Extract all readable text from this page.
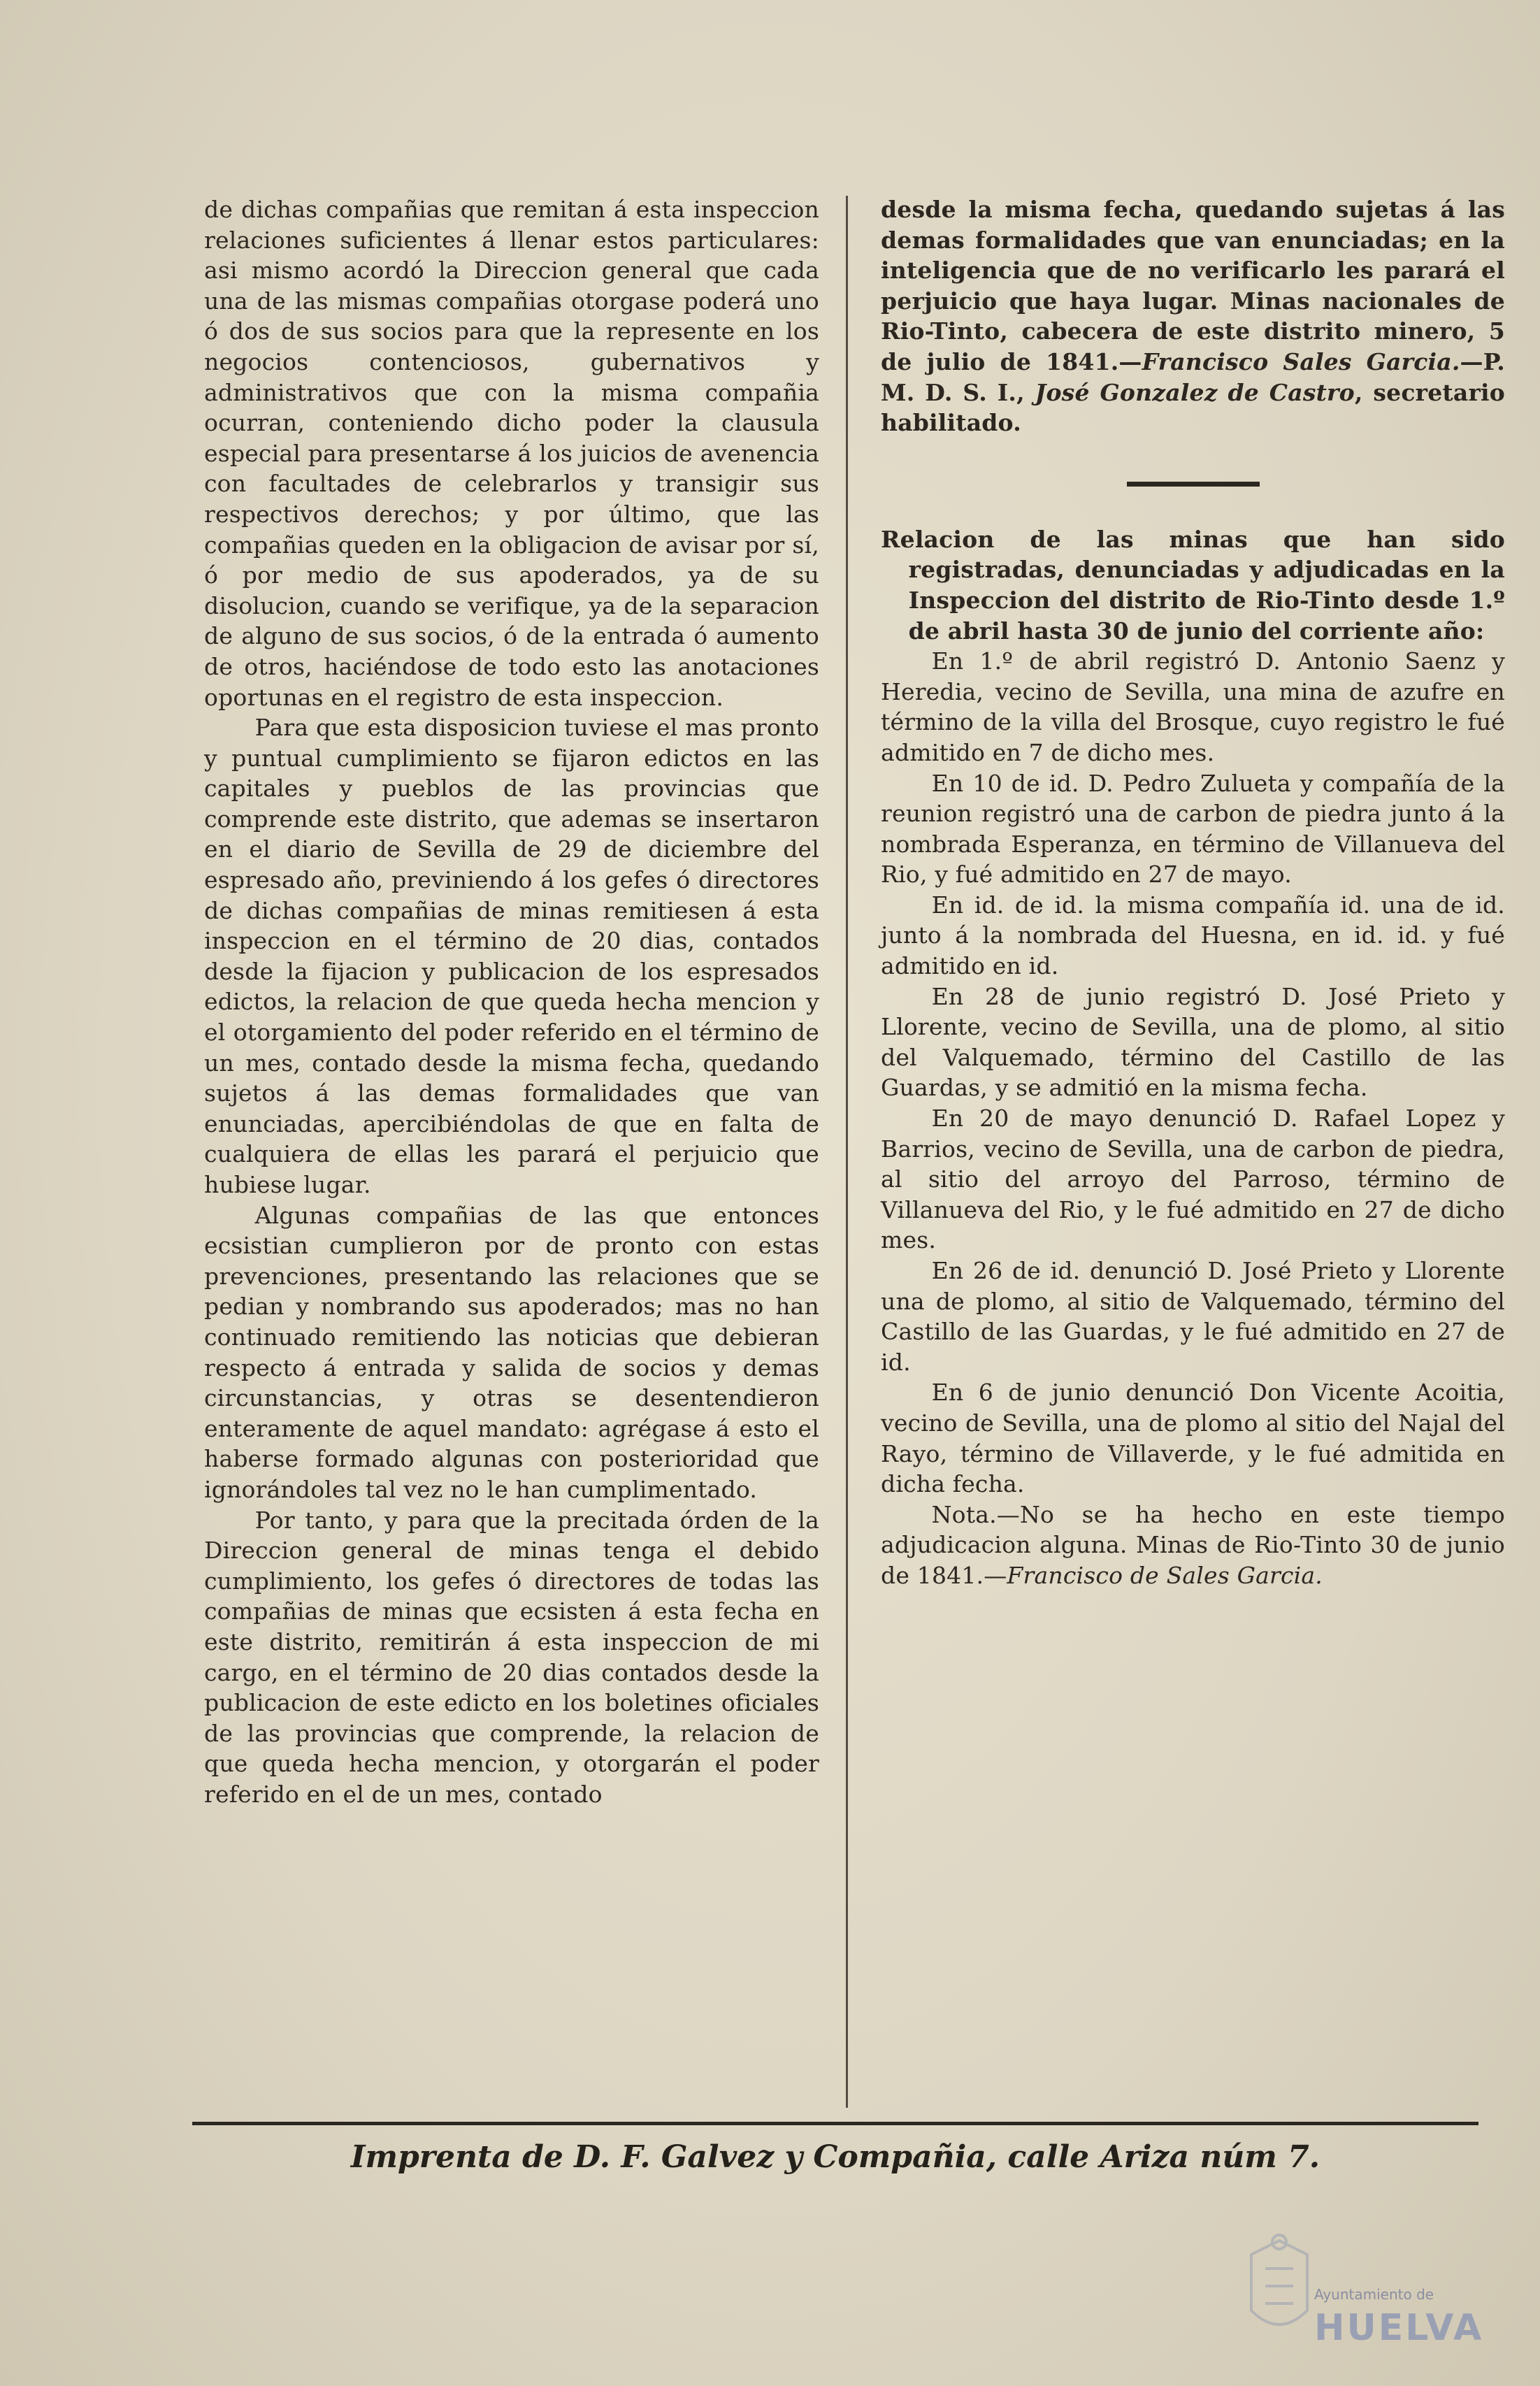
de dichas compañias que remitan á esta inspeccion relaciones suficientes á llenar estos particulares: asi mismo acordó la Direccion general que cada una de las mismas compañias otorgase poderá uno ó dos de sus socios para que la represente en los negocios contenciosos, gubernativos y administrativos que con la misma compañia ocurran, conteniendo dicho poder la clausula especial para presentarse á los juicios de avenencia con facultades de celebrarlos y transigir sus respectivos derechos; y por último, que las compañias queden en la obligacion de avisar por sí, ó por medio de sus apoderados, ya de su disolucion, cuando se verifique, ya de la separacion de alguno de sus socios, ó de la entrada ó aumento de otros, haciéndose de todo esto las anotaciones oportunas en el registro de esta inspeccion.

Para que esta disposicion tuviese el mas pronto y puntual cumplimiento se fijaron edictos en las capitales y pueblos de las provincias que comprende este distrito, que ademas se insertaron en el diario de Sevilla de 29 de diciembre del espresado año, previniendo á los gefes ó directores de dichas compañias de minas remitiesen á esta inspeccion en el término de 20 dias, contados desde la fijacion y publicacion de los espresados edictos, la relacion de que queda hecha mencion y el otorgamiento del poder referido en el término de un mes, contado desde la misma fecha, quedando sujetos á las demas formalidades que van enunciadas, apercibiéndolas de que en falta de cualquiera de ellas les parará el perjuicio que hubiese lugar.

Algunas compañias de las que entonces ecsistian cumplieron por de pronto con estas prevenciones, presentando las relaciones que se pedian y nombrando sus apoderados; mas no han continuado remitiendo las noticias que debieran respecto á entrada y salida de socios y demas circunstancias, y otras se desentendieron enteramente de aquel mandato: agrégase á esto el haberse formado algunas con posterioridad que ignorándoles tal vez no le han cumplimentado.

Por tanto, y para que la precitada órden de la Direccion general de minas tenga el debido cumplimiento, los gefes ó directores de todas las compañias de minas que ecsisten á esta fecha en este distrito, remitirán á esta inspeccion de mi cargo, en el término de 20 dias contados desde la publicacion de este edicto en los boletines oficiales de las provincias que comprende, la relacion de que queda hecha mencion, y otorgarán el poder referido en el de un mes, contado

desde la misma fecha, quedando sujetas á las demas formalidades que van enunciadas; en la inteligencia que de no verificarlo les parará el perjuicio que haya lugar. Minas nacionales de Rio-Tinto, cabecera de este distrito minero, 5 de julio de 1841.—Francisco Sales Garcia.—P. M. D. S. I., José Gonzalez de Castro, secretario habilitado.

Relacion de las minas que han sido registradas, denunciadas y adjudicadas en la Inspeccion del distrito de Rio-Tinto desde 1.º de abril hasta 30 de junio del corriente año:

En 1.º de abril registró D. Antonio Saenz y Heredia, vecino de Sevilla, una mina de azufre en término de la villa del Brosque, cuyo registro le fué admitido en 7 de dicho mes.

En 10 de id. D. Pedro Zulueta y compañía de la reunion registró una de carbon de piedra junto á la nombrada Esperanza, en término de Villanueva del Rio, y fué admitido en 27 de mayo.

En id. de id. la misma compañía id. una de id. junto á la nombrada del Huesna, en id. id. y fué admitido en id.

En 28 de junio registró D. José Prieto y Llorente, vecino de Sevilla, una de plomo, al sitio del Valquemado, término del Castillo de las Guardas, y se admitió en la misma fecha.

En 20 de mayo denunció D. Rafael Lopez y Barrios, vecino de Sevilla, una de carbon de piedra, al sitio del arroyo del Parroso, término de Villanueva del Rio, y le fué admitido en 27 de dicho mes.

En 26 de id. denunció D. José Prieto y Llorente una de plomo, al sitio de Valquemado, término del Castillo de las Guardas, y le fué admitido en 27 de id.

En 6 de junio denunció Don Vicente Acoitia, vecino de Sevilla, una de plomo al sitio del Najal del Rayo, término de Villaverde, y le fué admitida en dicha fecha.

Nota.—No se ha hecho en este tiempo adjudicacion alguna. Minas de Rio-Tinto 30 de junio de 1841.—Francisco de Sales Garcia.

Imprenta de D. F. Galvez y Compañia, calle Ariza núm 7.
Ayuntamiento de
HUELVA
